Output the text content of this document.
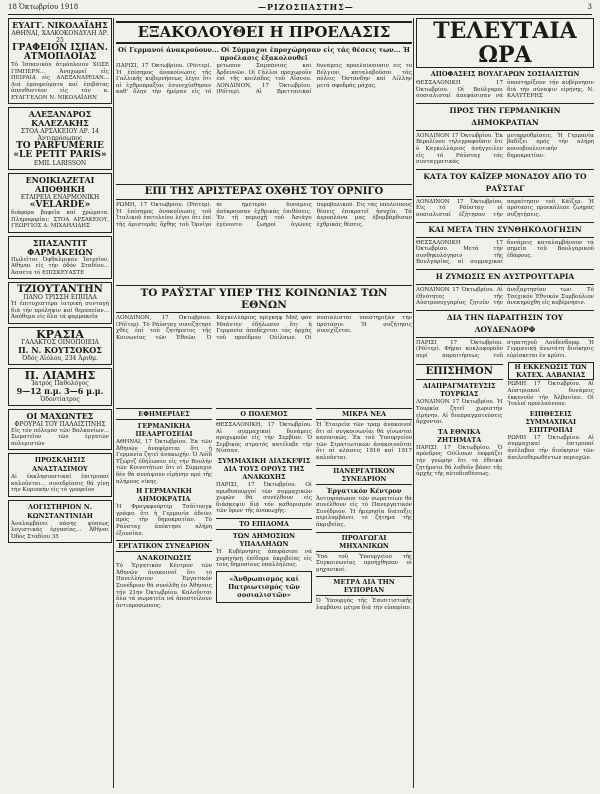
18 Ὀκτωβρίου 1918	—ΡΙΖΟΣΠΑΣΤΗΣ—	3
ΕΥΑΓΓ. ΝΙΚΟΛΑΪΔΗΣ
ΑΘΗΝΑΙ, ΧΑΛΚΟΚΟΝΔΥΛΗ ΑΡ. 25
ΓΡΑΦΕΙΟΝ ΙΣΠΑΝ. ΑΤΜΟΠΛΟΪΑΣ
Τό Ἱσπανικόν ἀτμόπλοιον ΧΟΣΕ ΓΙΜΠΕΡΝ... Ἀναχωρεῖ εἰς ΠΕΙΡΑΙΑ εἰς ΑΛΕΞΑΝΔΡΕΙΑΝ... Διά ἐμπορεύματα καί ἐπιβάτας ἀπευθυντέον εἰς τόν κ. ΕΥΑΓΓΕΛΟΝ Ν. ΝΙΚΟΛΑΪΔΗΝ
ΑΛΕΞΑΝΔΡΟΣ ΚΑΛΕΖΑΚΗΣ
ΣΤΟΑ ΑΡΣΑΚΕΙΟΥ ΑΡ. 14
Ἀντιπρόσωπος
ΤΟ PARFUMERIE «LE PETIT PARIS»
EMIL LARISSON
ΕΝΟΙΚΙΑΖΕΤΑΙ ΑΠΟΘΗΚΗ
ΕΤΑΙΡΕΙΑ ΕΝΑΡΜΟΝΙΚΗ
«VELARDE»
διάφορα βαφεῖα καί χρώματα. Πληροφορίαι: ΣΤΟΑ ΑΡΣΑΚΕΙΟΥ, ΓΕΩΡΓΙΟΣ Δ. ΜΙΧΑΗΛΙΔΗΣ
ΣΠΑΣΑΝΤΙΤ ΦΑΡΜΑΚΕΙΩΝ
Πωλεῖται Ὀφθαλμικόν Ἰατρεῖον, Αθήναι εἰς τήν ὁδόν Σταδίου... Ἀσσετα τό ΕΠΙΣΚΕΥΑΣΤΕ
ΤΖΙΟΥΤΑΝΤΗΝ
ΠΑΝΟ ΤΡΙΣΣΗ ΕΠΙΠΛΑ
Ἡ ἐπιτυχεστέρα ἰατρική συνταγή διά τήν πρόληψιν καί θεραπείαν... Ἀπόθεμα εἰς ὅλα τά φαρμακεῖα
ΚΡΑΣΙΑ
ΓΑΛΑΚΤΟΣ ΟΙΝΟΠΟΙΕΙΑ
Π. Ν. ΚΟΥΤΣΟΚΟΣ
Ὁδός Αἰόλου, 234 Ἀριθμ.
Π. ΛΙΑΜΗΣ
Ἰατρός Παθολόγος
9—12 π.μ. 3—6 μ.μ.
Ὁδοντίατρος
ΟΙ ΜΑΧΩΝΤΕΣ
ΦΡΟΥΡΑΙ ΤΟΥ ΠΑΛΑΙΣΤΙΝΗΣ
Εἰς τόν πόλεμον τῶν Βαλκανίων... Σωματεῖον τῶν ἐργατῶν πολεμιστῶν
ΠΡΟΣΚΛΗΣΙΣ ΑΝΑΣΤΑΣΙΜΟΥ
Αἱ ἐκκλησιαστικαί ἐπιτροπαί καλοῦνται... συνεδρίασις θά γίνῃ τήν Κυριακήν εἰς τό γραφεῖον
ΛΟΓΙΣΤΗΡΙΟΝ Ν. ΚΩΝΣΤΑΝΤΙΝΙΔΗ
Ἀναλαμβάνει πάσης φύσεως λογιστικάς ἐργασίας... Ἀθῆναι Ὁδός Σταδίου 35
ΕΞΑΚΟΛΟΥΘΕΙ Η ΠΡΟΕΛΑΣΙΣ
Οἱ Γερμανοί ἀνακρούουν... Οἱ Σύμμαχοι ἐπροχώρησαν εἰς τάς θέσεις των... Ἡ προέλασις ἐξακολουθεῖ
ΠΑΡΙΣΙ, 17 Ὀκτωβρίου. (Ρόϊτερ). Ἡ ἐπίσημος ἀνακοίνωσις τῆς Γαλλικῆς κυβερνήσεως λέγει ὅτι αἱ ἐχθροπραξίαι ἐσυνεχίσθησαν καθ' ὅλην τήν ἡμέραν εἰς τό μέτωπον Σαμπάνιας καί Ἀρδεννῶν. Οἱ Γάλλοι προχωροῦν ἐπί τῆς κοιλάδος τοῦ Αἴσνου. ΛΟΝΔΙΝΟΝ, 17 Ὀκτωβρίου. (Ρόϊτερ). Αἱ Βρεττανικαί δυνάμεις προελαύνουσιν εἰς τό Βέλγιον, καταλαβοῦσαι τάς πόλεις Ὀστάνδην καί Λίλλην μετά σφοδράς μάχας.
ΕΠΙ ΤΗΣ ΑΡΙΣΤΕΡΑΣ ΟΧΘΗΣ ΤΟΥ ΟΡΝΙΓΟ
ΡΩΜΗ, 17 Ὀκτωβρίου. (Ρόϊτερ). Ἡ ἐπίσημος ἀνακοίνωσις τοῦ Ἰταλικοῦ ἐπιτελείου λέγει ὅτι ἐπί τῆς ἀριστερᾶς ὄχθης τοῦ Ὀρνίγο αἱ ἡμέτεραι δυνάμεις ἀπέκρουσαν ἐχθρικάς ἐπιθέσεις. Ἐν τῇ περιοχῇ τοῦ Ἀσιάγο ἐγένοντο ζωηροί ἀγῶνες πυροβολικοῦ. Εἰς τάς ὑπολοίπους θέσεις ἐπικρατεῖ ἡσυχία. Τά ἀεροπλάνα μας ἐβομβάρδισαν ἐχθρικάς θέσεις.
ΤΟ ΡΑΫΣΤΑΓ ΥΠΕΡ ΤΗΣ ΚΟΙΝΩΝΙΑΣ ΤΩΝ ΕΘΝΩΝ
ΛΟΝΔΙΝΟΝ, 17 Ὀκτωβρίου. (Ρόϊτερ). Τό Ράϋσταγ συνεζήτησε χθές ἐπί τοῦ ζητήματος τῆς Κοινωνίας τῶν Ἐθνῶν. Ὁ Καγκελλάριος πρίγκηψ Μάξ φόν Μπάντεν ἐδήλωσεν ὅτι ἡ Γερμανία ἀποδέχεται τάς ἀρχάς τοῦ προέδρου Οὐίλσων. Οἱ σοσιαλισταί ὑπεστήριξαν τήν πρότασιν. Ἡ συζήτησις συνεχίζεται.
ΕΦΗΜΕΡΙΔΕΣ
ΓΕΡΜΑΝΙΚΗΑ ΠΕΛΑΡΓΟΣΕΙΑΙ
ΑΘΗΝΑΙ, 17 Ὀκτωβρίου. Ἐκ τῶν Ἀθηνῶν ἀναφέρεται ὅτι ἡ Γερμανία ζητεῖ ἀνακωχήν. Ὁ Λόϊδ Τζώρτζ ἐδήλωσεν εἰς τήν Βουλήν τῶν Κοινοτήτων ὅτι οἱ Σύμμαχοι δέν θά συνάψουν εἰρήνην πρό τῆς πλήρους νίκης.
Η ΓΕΡΜΑΝΙΚΗ ΔΗΜΟΚΡΑΤΙΑ
Ἡ Φραγκφούρτερ Τσάϊτουγκ γράφει ὅτι ἡ Γερμανία ὁδεύει πρός τήν δημοκρατίαν. Τό Ράϋσταγ ἀπέκτησε πλήρη ἐξουσίαν.
ΕΡΓΑΤΙΚΟΝ ΣΥΝΕΔΡΙΟΝ
ΑΝΑΚΟΙΝΩΣΙΣ
Τό Ἐργατικόν Κέντρον τῶν Ἀθηνῶν ἀνακοινοῖ ὅτι τό Πανελλήνιον Ἐργατικόν Συνέδριον θά συνέλθῃ ἐν Ἀθήναις τήν 21ην Ὀκτωβρίου. Καλοῦνται ὅλα τά σωματεῖα νά ἀποστείλουν ἀντιπροσώπους.
Ο ΠΟΛΕΜΟΣ
ΘΕΣΣΑΛΟΝΙΚΗ, 17 Ὀκτωβρίου. Αἱ συμμαχικαί δυνάμεις προχωροῦν εἰς τήν Σερβίαν. Ὁ Σερβικός στρατός κατέλαβε τήν Νίσσαν.
ΣΥΜΜΑΧΙΚΗ ΔΙΑΣΚΕΨΙΣ ΔΙΑ ΤΟΥΣ ΟΡΟΥΣ ΤΗΣ ΑΝΑΚΩΧΗΣ
ΠΑΡΙΣΙ, 17 Ὀκτωβρίου. Οἱ πρωθυπουργοί τῶν συμμαχικῶν χωρῶν θά συνέλθουν εἰς διάσκεψιν διά τόν καθορισμόν τῶν ὅρων τῆς ἀνακωχῆς.
ΤΟ ΕΠΙΔΟΜΑ
ΤΩΝ ΔΗΜΟΣΙΩΝ ΥΠΑΛΛΗΛΩΝ
Ἡ Κυβέρνησις ἀπεφάσισε νά χορηγήσῃ ἐπίδομα ἀκριβείας εἰς τούς δημοσίους ὑπαλλήλους.
«Ἀνθρωπισμός καί Πατριωτισμός τῶν σοσιαλιστῶν»
ΜΙΚΡΑ ΝΕΑ
Ἡ Ἑταιρεία τῶν τραμ ἀνακοινοῖ ὅτι αἱ συγκοινωνίαι θά γίνωνται κανονικῶς. Ἐκ τοῦ Ὑπουργείου τῶν Στρατιωτικῶν ἀνακοινοῦται ὅτι αἱ κλάσεις 1916 καί 1917 καλοῦνται.
ΠΑΝΕΡΓΑΤΙΚΟΝ ΣΥΝΕΔΡΙΟΝ
Ἐργατικόν Κέντρον
Ἀντιπρόσωποι τῶν σωματείων θά συνέλθουν εἰς τό Πανεργατικόν Συνέδριον. Ἡ ἡμερησία διάταξις περιλαμβάνει τό ζήτημα τῆς ἀκριβείας.
ΠΡΟΑΓΩΓΑΙ ΜΗΧΑΝΙΚΩΝ
Ὑπό τοῦ Ὑπουργείου τῆς Συγκοινωνίας προήχθησαν οἱ μηχανικοί.
ΜΕΤΡΑ ΔΙΑ ΤΗΝ ΕΥΠΟΡΙΑΝ
Ὁ Ὑπουργός τῆς Ἐπισιτιστικῆς λαμβάνει μέτρα διά τήν εὐπορίαν.
ΤΕΛΕΥΤΑΙΑ ΩΡΑ
ΑΠΟΦΑΣΕΙΣ ΒΟΥΛΓΑΡΩΝ ΣΟΣΙΑΛΙΣΤΩΝ
ΘΕΣΣΑΛΟΝΙΚΗ 17 Ὀκτωβρίου. Οἱ Βούλγαροι σοσιαλισταί ἀπεφάσισαν νά ὑποστηρίξουν τήν κυβέρνησιν διά τήν σύναψιν εἰρήνης. Ν. ΚΑΛΥΤΕΡΗΣ
ΠΡΟΣ ΤΗΝ ΓΕΡΜΑΝΙΚΗΝ ΔΗΜΟΚΡΑΤΙΑΝ
ΛΟΝΔΙΝΟΝ 17 Ὀκτωβρίου. Ἐκ Βερολίνου τηλεγραφοῦσιν ὅτι ὁ Καγκελλάριος ἀνήγγειλεν εἰς τό Ράϋσταγ τάς συνταγματικάς μεταρρυθμίσεις. Ἡ Γερμανία βαδίζει πρός τήν πλήρη κοινοβουλευτικήν δημοκρατίαν.
ΚΑΤΑ ΤΟΥ ΚΑΪΖΕΡ ΜΟΝΑΣΟΥ ΑΠΟ ΤΟ ΡΑΫΣΤΑΓ
ΛΟΝΔΙΝΟΝ 17 Ὀκτωβρίου. Εἰς τό Ράϋσταγ οἱ σοσιαλισταί ἐζήτησαν τήν παραίτησιν τοῦ Κάϊζερ. Ἡ πρότασις προεκάλεσε ζωηράς συζητήσεις.
ΚΑΙ ΜΕΤΑ ΤΗΝ ΣΥΝΘΗΚΟΛΟΓΗΣΙΝ
ΘΕΣΣΑΛΟΝΙΚΗ 17 Ὀκτωβρίου. Μετά τήν συνθηκολόγησιν τῆς Βουλγαρίας, αἱ συμμαχικαί δυνάμεις καταλαμβάνουν τά σημεῖα τοῦ Βουλγαρικοῦ ἐδάφους.
Η ΖΥΜΩΣΙΣ ΕΝ ΑΥΣΤΡΟΥΓΓΑΡΙΑ
ΛΟΝΔΙΝΟΝ 17 Ὀκτωβρίου. Αἱ ἐθνότητες τῆς Αὐστροουγγαρίας ζητοῦν τήν ἀνεξαρτησίαν των. Τό Τσεχικόν Ἐθνικόν Συμβούλιον ἀνεκηρύχθη εἰς κυβέρνησιν.
ΔΙΑ ΤΗΝ ΠΑΡΑΙΤΗΣΙΝ ΤΟΥ ΛΟΥΔΕΝΔΟΡΦ
ΠΑΡΙΣΙ 17 Ὀκτωβρίου. (Ρόϊτερ). Φῆμαι κυκλοφοροῦν περί παραιτήσεως τοῦ στρατηγοῦ Λούδενδορφ. Ἡ Γερμανική ἀνωτάτη διοίκησις εὑρίσκεται ἐν κρίσει.
ΕΠΙΣΗΜΟΝ
ΔΙΑΠΡΑΓΜΑΤΕΥΣΙΣ ΤΟΥΡΚΙΑΣ
ΛΟΝΔΙΝΟΝ 17 Ὀκτωβρίου. Ἡ Τουρκία ζητεῖ χωριστήν εἰρήνην. Αἱ διαπραγματεύσεις ἄρχονται.
ΤΑ ΕΘΝΙΚΑ ΖΗΤΗΜΑΤΑ
ΠΑΡΙΣΙ 17 Ὀκτωβρίου. Ὁ πρόεδρος Οὐίλσων ἐκφράζει τήν γνώμην ὅτι τά ἐθνικά ζητήματα θά λυθοῦν βάσει τῆς ἀρχῆς τῆς αὐτοδιαθέσεως.
Η ΕΚΚΕΝΩΣΙΣ ΤΩΝ ΚΑΤΕΧ. ΑΛΒΑΝΙΑΣ
ΡΩΜΗ 17 Ὀκτωβρίου. Αἱ Αὐστριακαί δυνάμεις ἐκκενοῦν τήν Ἀλβανίαν. Οἱ Ἰταλοί προελαύνουν.
ΕΠΙΘΕΣΕΙΣ ΣΥΜΜΑΧΙΚΑΙ ΕΠΙΤΡΟΠΑΙ
ΡΩΜΗ 17 Ὀκτωβρίου. Αἱ συμμαχικαί ἐπιτροπαί ἀνέλαβον τήν διοίκησιν τῶν ἀπελευθερωθέντων περιοχῶν.
